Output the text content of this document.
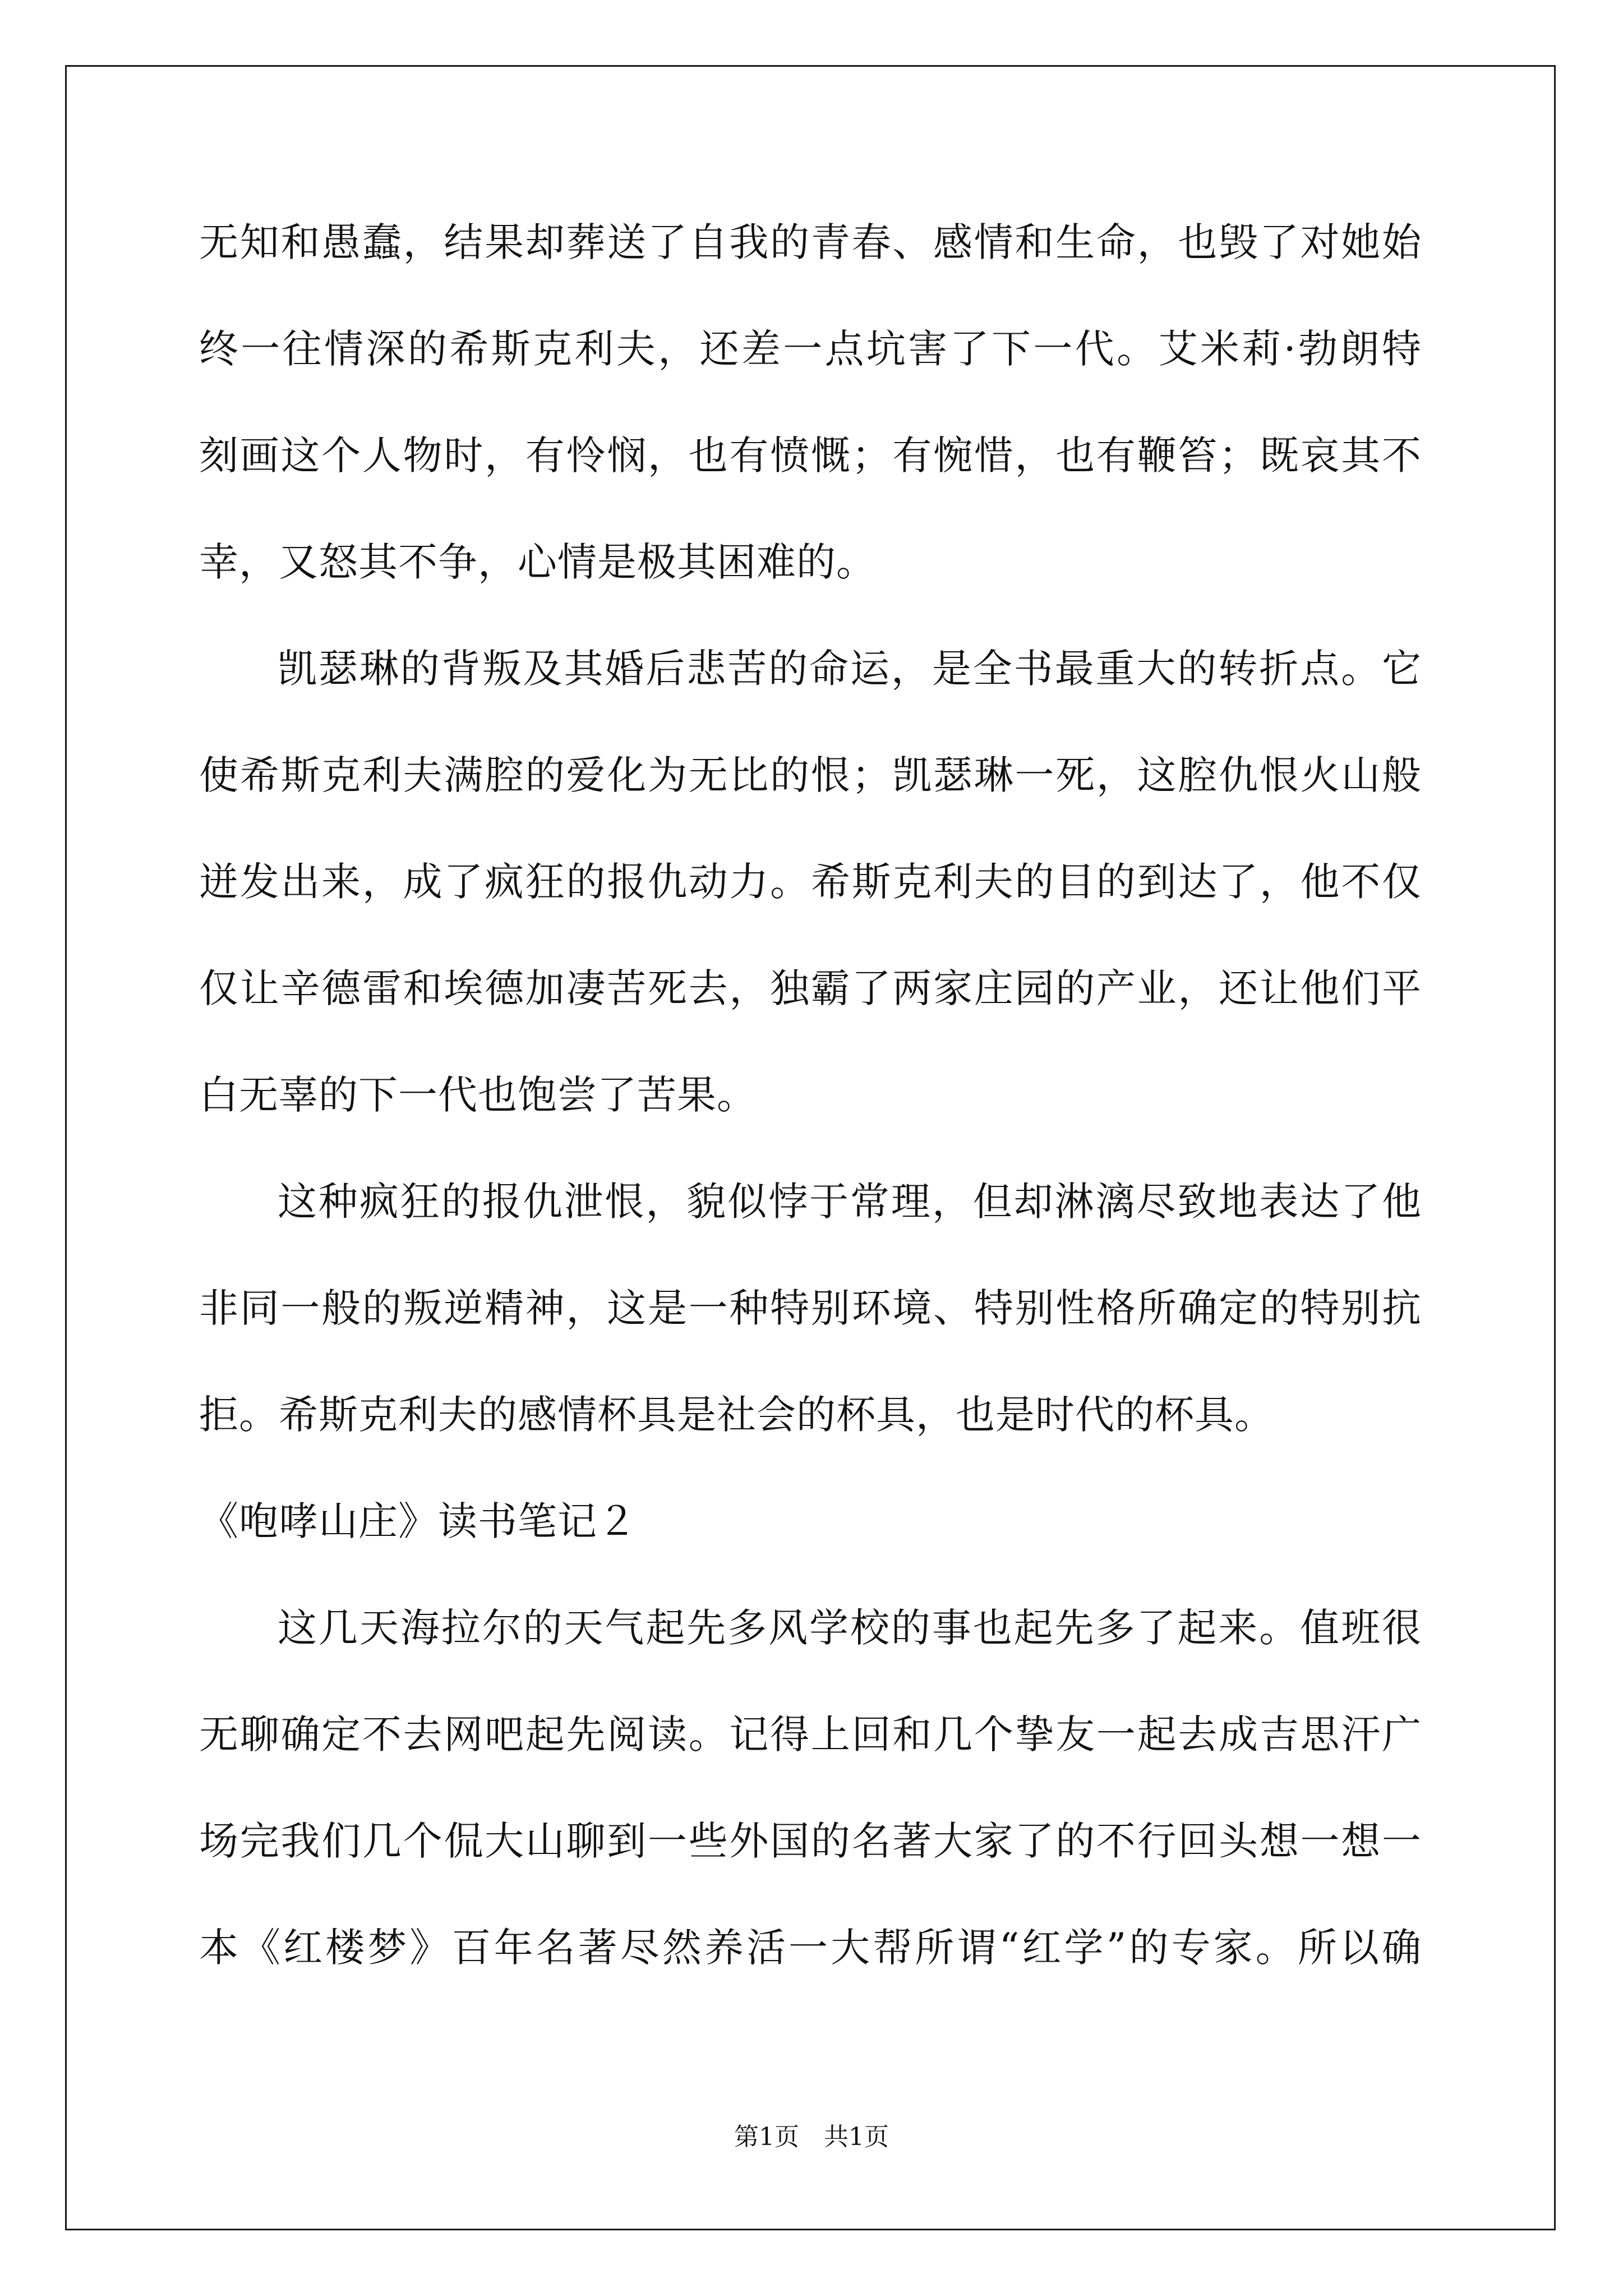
无知和愚蠢，结果却葬送了自我的青春、感情和生命，也毁了对她始
终一往情深的希斯克利夫，还差一点坑害了下一代。艾米莉·勃朗特
刻画这个人物时，有怜悯，也有愤慨；有惋惜，也有鞭笞；既哀其不
幸，又怒其不争，心情是极其困难的。
凯瑟琳的背叛及其婚后悲苦的命运，是全书最重大的转折点。它
使希斯克利夫满腔的爱化为无比的恨；凯瑟琳一死，这腔仇恨火山般
迸发出来，成了疯狂的报仇动力。希斯克利夫的目的到达了，他不仅
仅让辛德雷和埃德加凄苦死去，独霸了两家庄园的产业，还让他们平
白无辜的下一代也饱尝了苦果。
这种疯狂的报仇泄恨，貌似悖于常理，但却淋漓尽致地表达了他
非同一般的叛逆精神，这是一种特别环境、特别性格所确定的特别抗
拒。希斯克利夫的感情杯具是社会的杯具，也是时代的杯具。
《咆哮山庄》读书笔记２
这几天海拉尔的天气起先多风学校的事也起先多了起来。值班很
无聊确定不去网吧起先阅读。记得上回和几个挚友一起去成吉思汗广
场完我们几个侃大山聊到一些外国的名著大家了的不行回头想一想一
本《红楼梦》百年名著尽然养活一大帮所谓“红学”的专家。所以确
第1页　共1页
